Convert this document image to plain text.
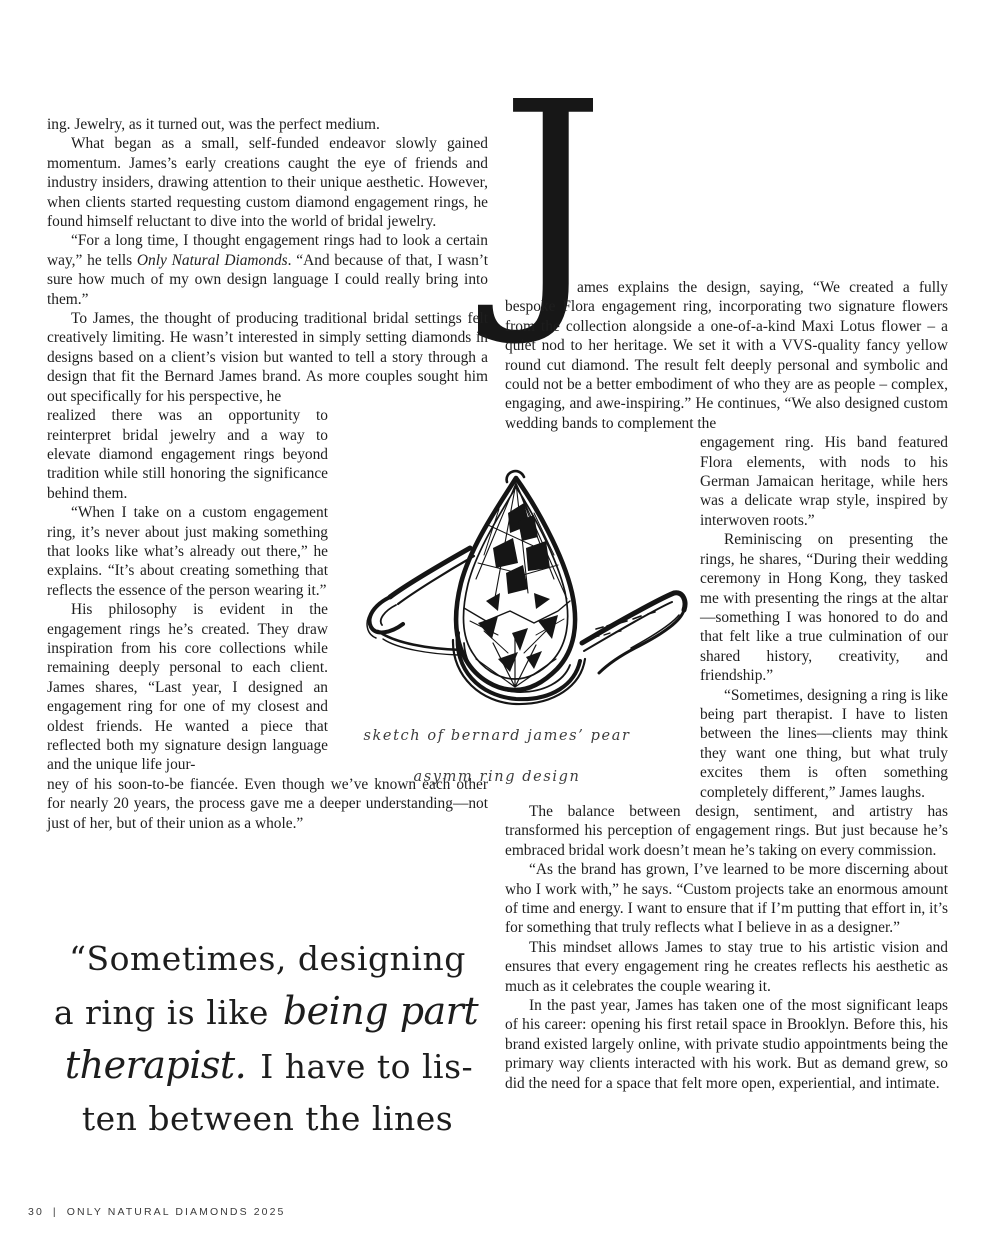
J

ing. Jewelry, as it turned out, was the perfect medium.

What began as a small, self-funded endeavor slowly gained momentum. James’s early creations caught the eye of friends and industry insiders, drawing attention to their unique aesthetic. However, when clients started requesting custom diamond engagement rings, he found himself reluctant to dive into the world of bridal jewelry.

“For a long time, I thought engagement rings had to look a certain way,” he tells Only Natural Diamonds. “And because of that, I wasn’t sure how much of my own design language I could really bring into them.”

To James, the thought of producing traditional bridal settings felt creatively limiting. He wasn’t interested in simply setting diamonds in designs based on a client’s vision but wanted to tell a story through a design that fit the Bernard James brand. As more couples sought him out specifically for his perspective, he

realized there was an opportunity to reinterpret bridal jewelry and a way to elevate diamond engagement rings beyond tradition while still honoring the significance behind them.

“When I take on a custom engagement ring, it’s never about just making something that looks like what’s already out there,” he explains. “It’s about creating something that reflects the essence of the person wearing it.”

His philosophy is evident in the engagement rings he’s created. They draw inspiration from his core collections while remaining deeply personal to each client. James shares, “Last year, I designed an engagement ring for one of my closest and oldest friends. He wanted a piece that reflected both my signature design language and the unique life jour-

ney of his soon-to-be fiancée. Even though we’ve known each other for nearly 20 years, the process gave me a deeper understanding—not just of her, but of their union as a whole.”

ames explains the design, saying, “We created a fully bespoke Flora engagement ring, incorporating two signature flowers from the collection alongside a one-of-a-kind Maxi Lotus flower – a quiet nod to her heritage. We set it with a VVS-quality fancy yellow round cut diamond. The result felt deeply personal and symbolic and could not be a better embodiment of who they are as people – complex, engaging, and awe-inspiring.” He continues, “We also designed custom wedding bands to complement the

engagement ring. His band featured Flora elements, with nods to his German Jamaican heritage, while hers was a delicate wrap style, inspired by interwoven roots.”

Reminiscing on presenting the rings, he shares, “During their wedding ceremony in Hong Kong, they tasked me with presenting the rings at the altar—something I was honored to do and that felt like a true culmination of our shared history, creativity, and friendship.”

“Sometimes, designing a ring is like being part therapist. I have to listen between the lines—clients may think they want one thing, but what truly excites them is often something completely different,” James laughs.

The balance between design, sentiment, and artistry has transformed his perception of engagement rings. But just because he’s embraced bridal work doesn’t mean he’s taking on every commission.

“As the brand has grown, I’ve learned to be more discerning about who I work with,” he says. “Custom projects take an enormous amount of time and energy. I want to ensure that if I’m putting that effort in, it’s for something that truly reflects what I believe in as a designer.”

This mindset allows James to stay true to his artistic vision and ensures that every engagement ring he creates reflects his aesthetic as much as it celebrates the couple wearing it.

In the past year, James has taken one of the most significant leaps of his career: opening his first retail space in Brooklyn. Before this, his brand existed largely online, with private studio appointments being the primary way clients interacted with his work. But as demand grew, so did the need for a space that felt more open, experiential, and intimate.

sketch of bernard james’ pear
asymm ring design
“Sometimes, designing
a ring is like being part
therapist. I have to lis-
ten between the lines
30 | ONLY NATURAL DIAMONDS 2025
